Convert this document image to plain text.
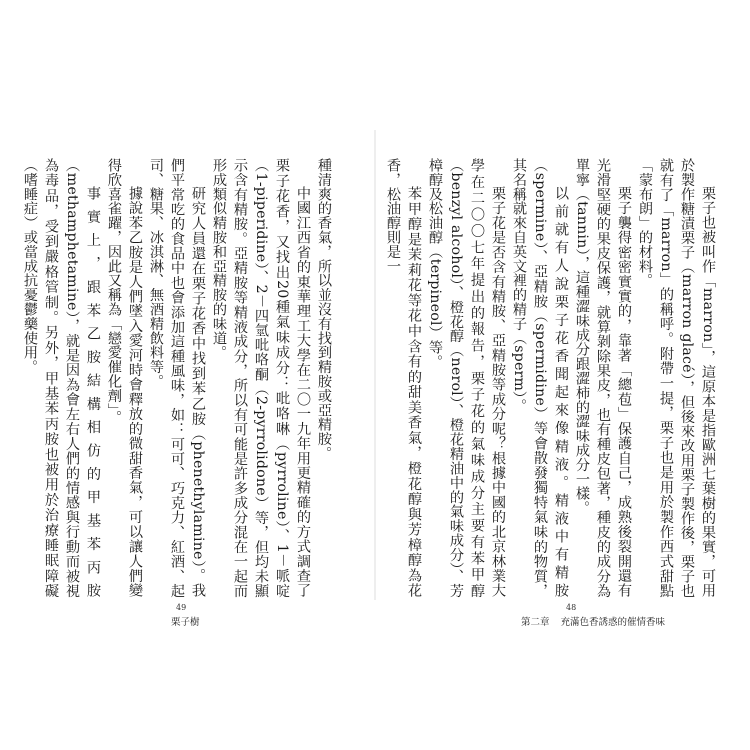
種清爽的香氣，所以並沒有找到精胺或亞精胺。

中國江西省的東華理工大學在二〇一九年用更精確的方式調查了栗子花香，又找出20種氣味成分：吡咯啉（pyrroline）、1－哌啶（1-piperidine）、2－四氫吡咯酮（2-pyrrolidone）等，但均未顯示含有精胺。亞精胺等精液成分，所以有可能是許多成分混在一起而形成類似精胺和亞精胺的味道。

研究人員還在栗子花香中找到苯乙胺（phenethylamine）。我們平常吃的食品中也會添加這種風味，如：可可、巧克力、紅酒、起司、糖果、冰淇淋、無酒精飲料等。

據說苯乙胺是人們墜入愛河時會釋放的微甜香氣，可以讓人們變得欣喜雀躍，因此又稱為「戀愛催化劑」。

事實上，跟苯乙胺結構相仿的甲基苯丙胺（methamphetamine），就是因為會左右人們的情感與行動而被視為毒品，受到嚴格管制。另外，甲基苯丙胺也被用於治療睡眠障礙（嗜睡症）或當成抗憂鬱藥使用。

49
栗子樹

栗子也被叫作「marron」，這原本是指歐洲七葉樹的果實，可用於製作糖漬栗子（marron glacé），但後來改用栗子製作後，栗子也就有了「marron」的稱呼。附帶一提，栗子也是用於製作西式甜點「蒙布朗」的材料。

栗子襲得密密實實的，靠著「總苞」保護自己，成熟後裂開還有光滑堅硬的果皮保護，就算剝除果皮，也有種皮包著，種皮的成分為單寧（tannin），這種澀味成分跟澀柿的澀味成分一樣。

以前就有人說栗子花香聞起來像精液。精液中有精胺（spermine）、亞精胺（spermidine）等會散發獨特氣味的物質，其名稱就來自英文裡的精子（sperm）。

栗子花是否含有精胺、亞精胺等成分呢？根據中國的北京林業大學在二〇〇七年提出的報告，栗子花的氣味成分主要有苯甲醇（benzyl alcohol）、橙花醇（nerol）、橙花精油中的氣味成分）、芳樟醇及松油醇（terpineol）等。

苯甲醇是茉莉花等花中含有的甜美香氣，橙花醇與芳樟醇為花香，松油醇則是一

48
第二章 充滿色香誘惑的催情香味
